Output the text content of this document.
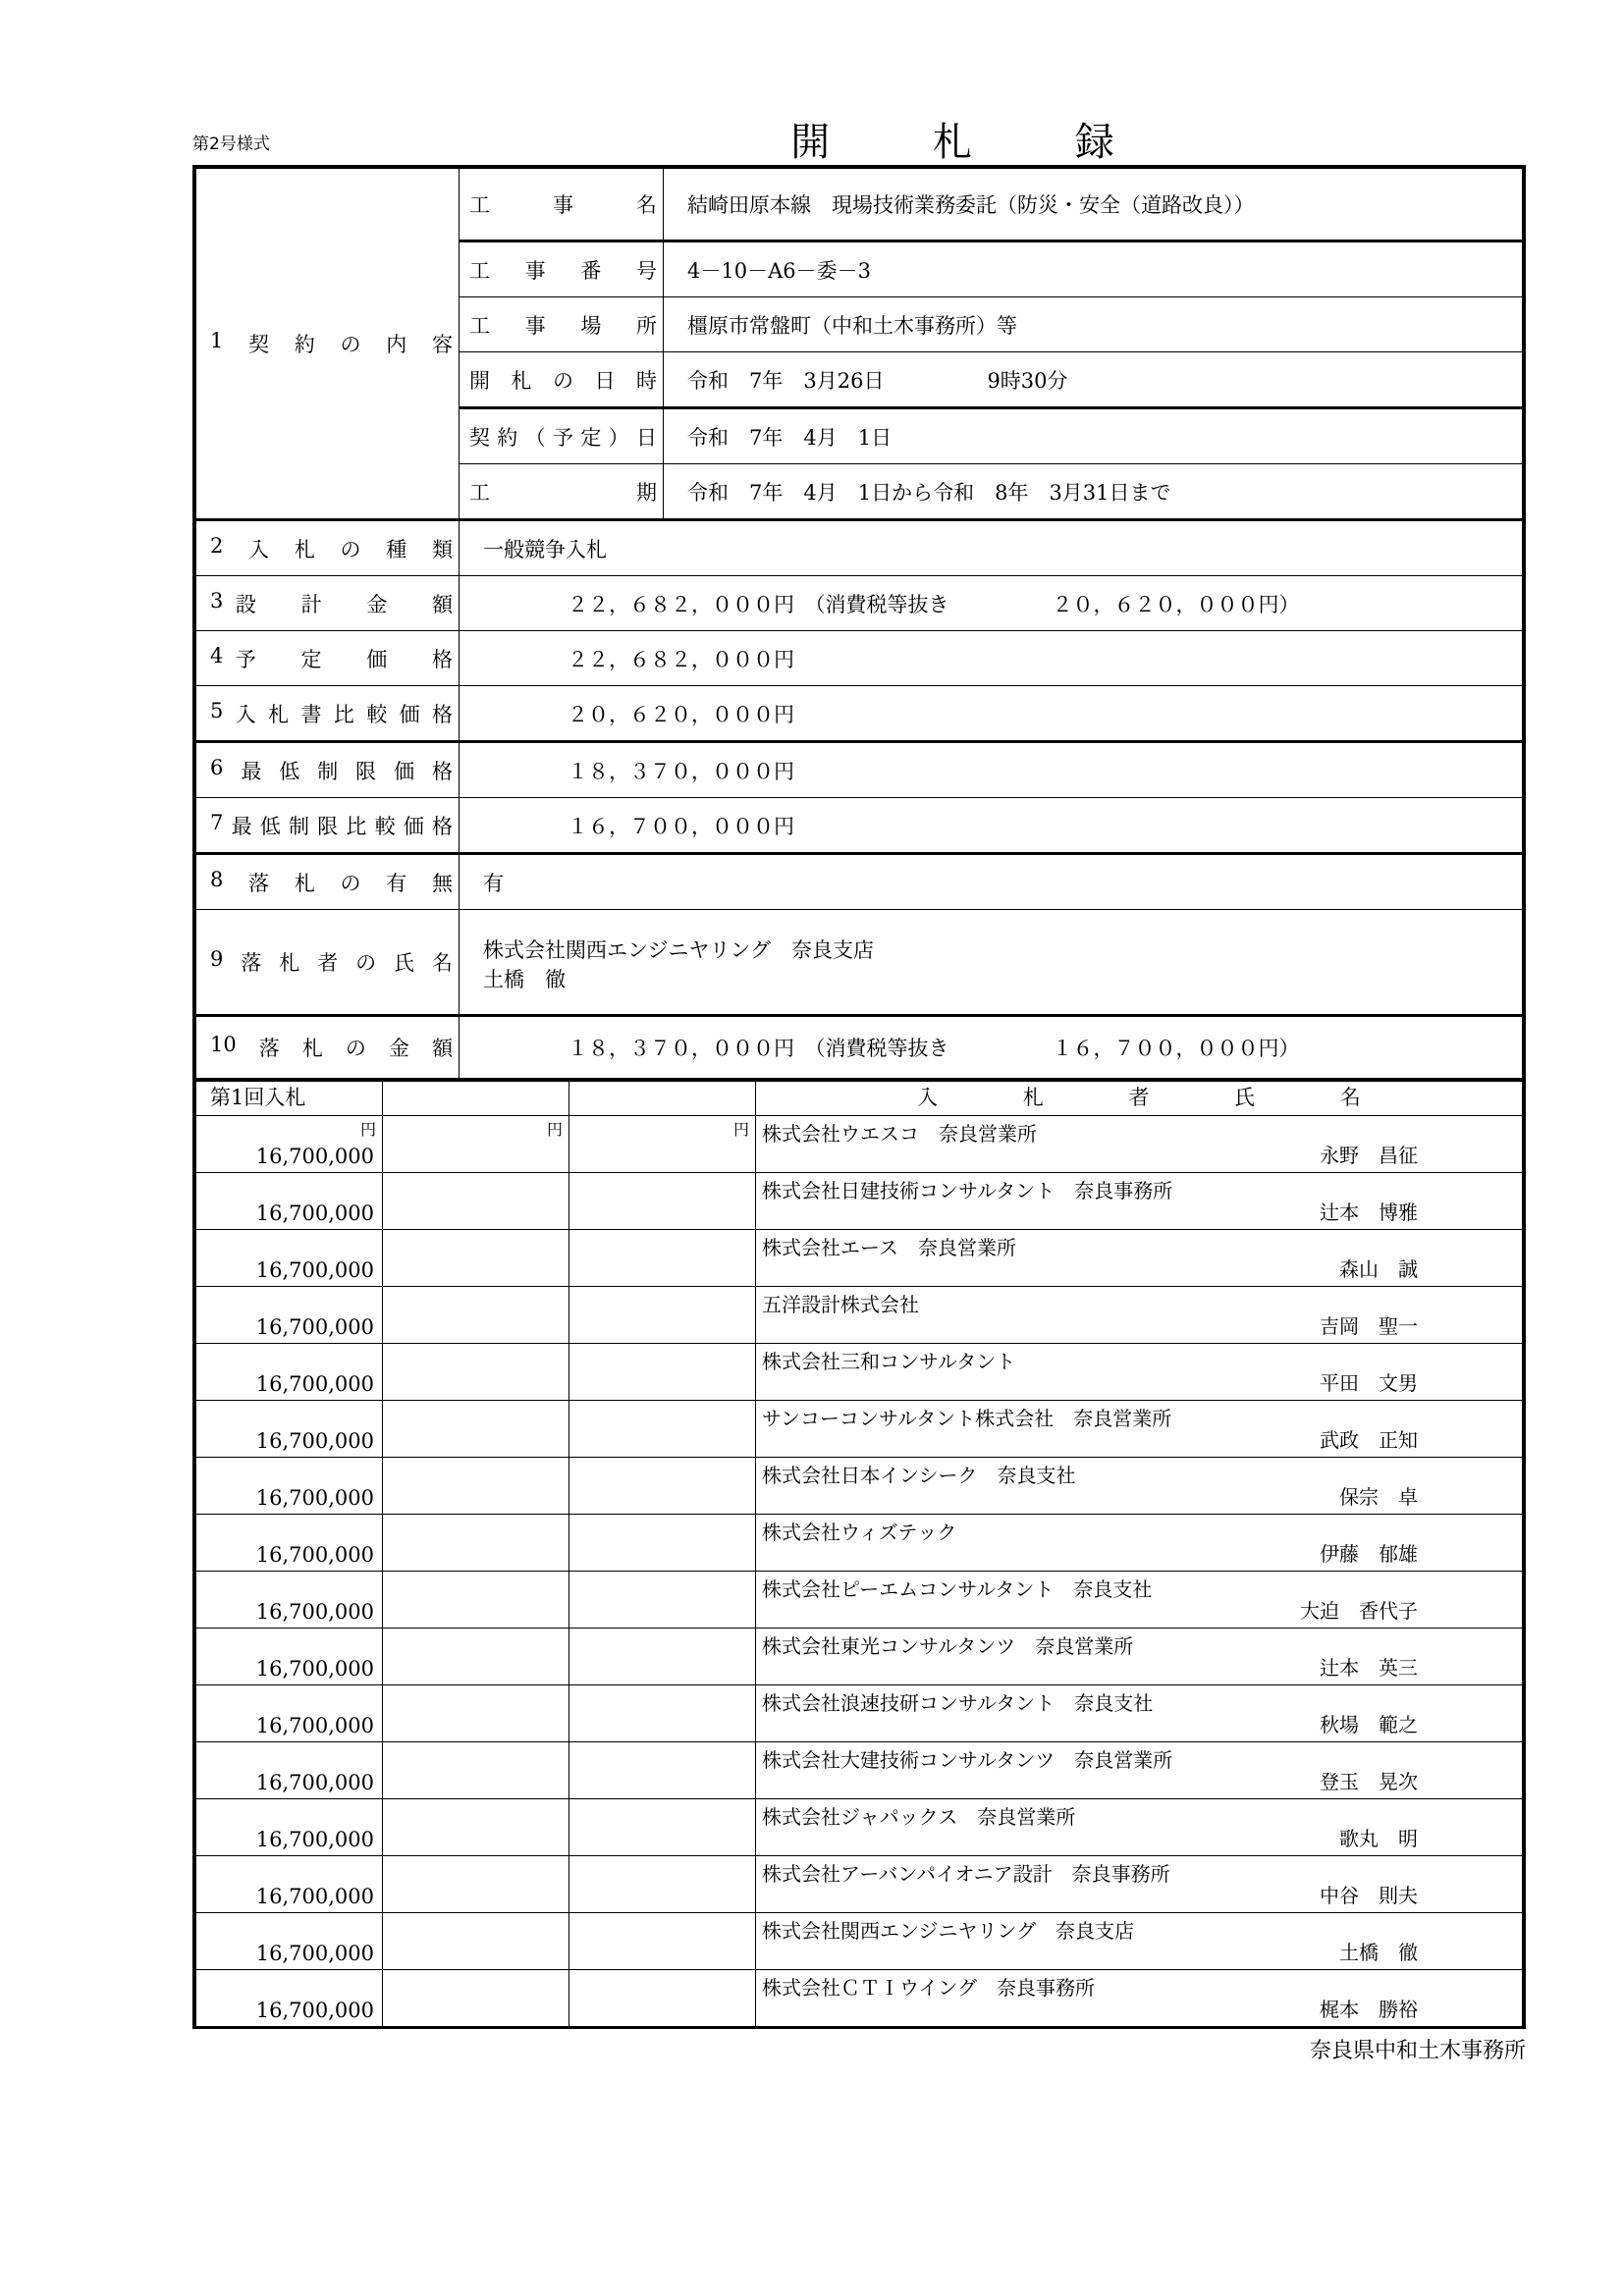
第2号様式	開 札 録
1 契 約 の 内 容

工	事	名	結崎田原本線　現場技術業務委託（防災・安全（道路改良））

	工 事 番 号	4－10－A6－委－3

	工 事 場 所	橿原市常盤町（中和土木事務所）等

	開 札 の 日 時	令和　7年　3月26日　　　　　9時30分

契 約 （ 予 定 ） 日	令和　7年　4月　1日

	工 期	令和　7年　4月　1日から令和　8年　3月31日まで

2 入 札 の 種 類	一般競争入札

3 設
　 計
　 金
　 額	２２，６８２，０００円　（消費税等抜き　　　　　２０，６２０，０００円）	

4 予
　 定
　 価
　 格	２２，６８２，０００円	

5 入 札 書 比 較 価 格	２０，６２０，０００円

6 最 低 制 限 価 格	１８，３７０，０００円

7 最 低 制 限 比 較 価 格	１６，７００，０００円

8 落 札 の 有 無	有

9 落 札 者 の 氏 名
	株式会社関西エンジニヤリング　奈良支店
土橋　徹

10 落 札 の 金 額	１８，３７０，０００円　（消費税等抜き　　　　　１６，７００，０００円）
第1回入札			入 札 者 氏 名

円
16,700,000	円	円	株式会社ウエスコ　奈良営業所
永野　昌征

16,700,000			株式会社日建技術コンサルタント　奈良事務所
辻本　博雅

16,700,000			株式会社エース　奈良営業所
森山　誠

16,700,000			五洋設計株式会社
吉岡　聖一

16,700,000			株式会社三和コンサルタント
平田　文男

16,700,000			サンコーコンサルタント株式会社　奈良営業所
武政　正知

16,700,000			株式会社日本インシーク　奈良支社
保宗　卓

16,700,000			株式会社ウィズテック
伊藤　郁雄

16,700,000			株式会社ピーエムコンサルタント　奈良支社
大迫　香代子

16,700,000			株式会社東光コンサルタンツ　奈良営業所
辻本　英三

16,700,000			株式会社浪速技研コンサルタント　奈良支社
秋場　範之

16,700,000			株式会社大建技術コンサルタンツ　奈良営業所
登玉　晃次

16,700,000			株式会社ジャパックス　奈良営業所
歌丸　明

16,700,000			株式会社アーバンパイオニア設計　奈良事務所
中谷　則夫

16,700,000			株式会社関西エンジニヤリング　奈良支店
土橋　徹

16,700,000			株式会社ＣＴＩウイング　奈良事務所
梶本　勝裕
奈良県中和土木事務所
